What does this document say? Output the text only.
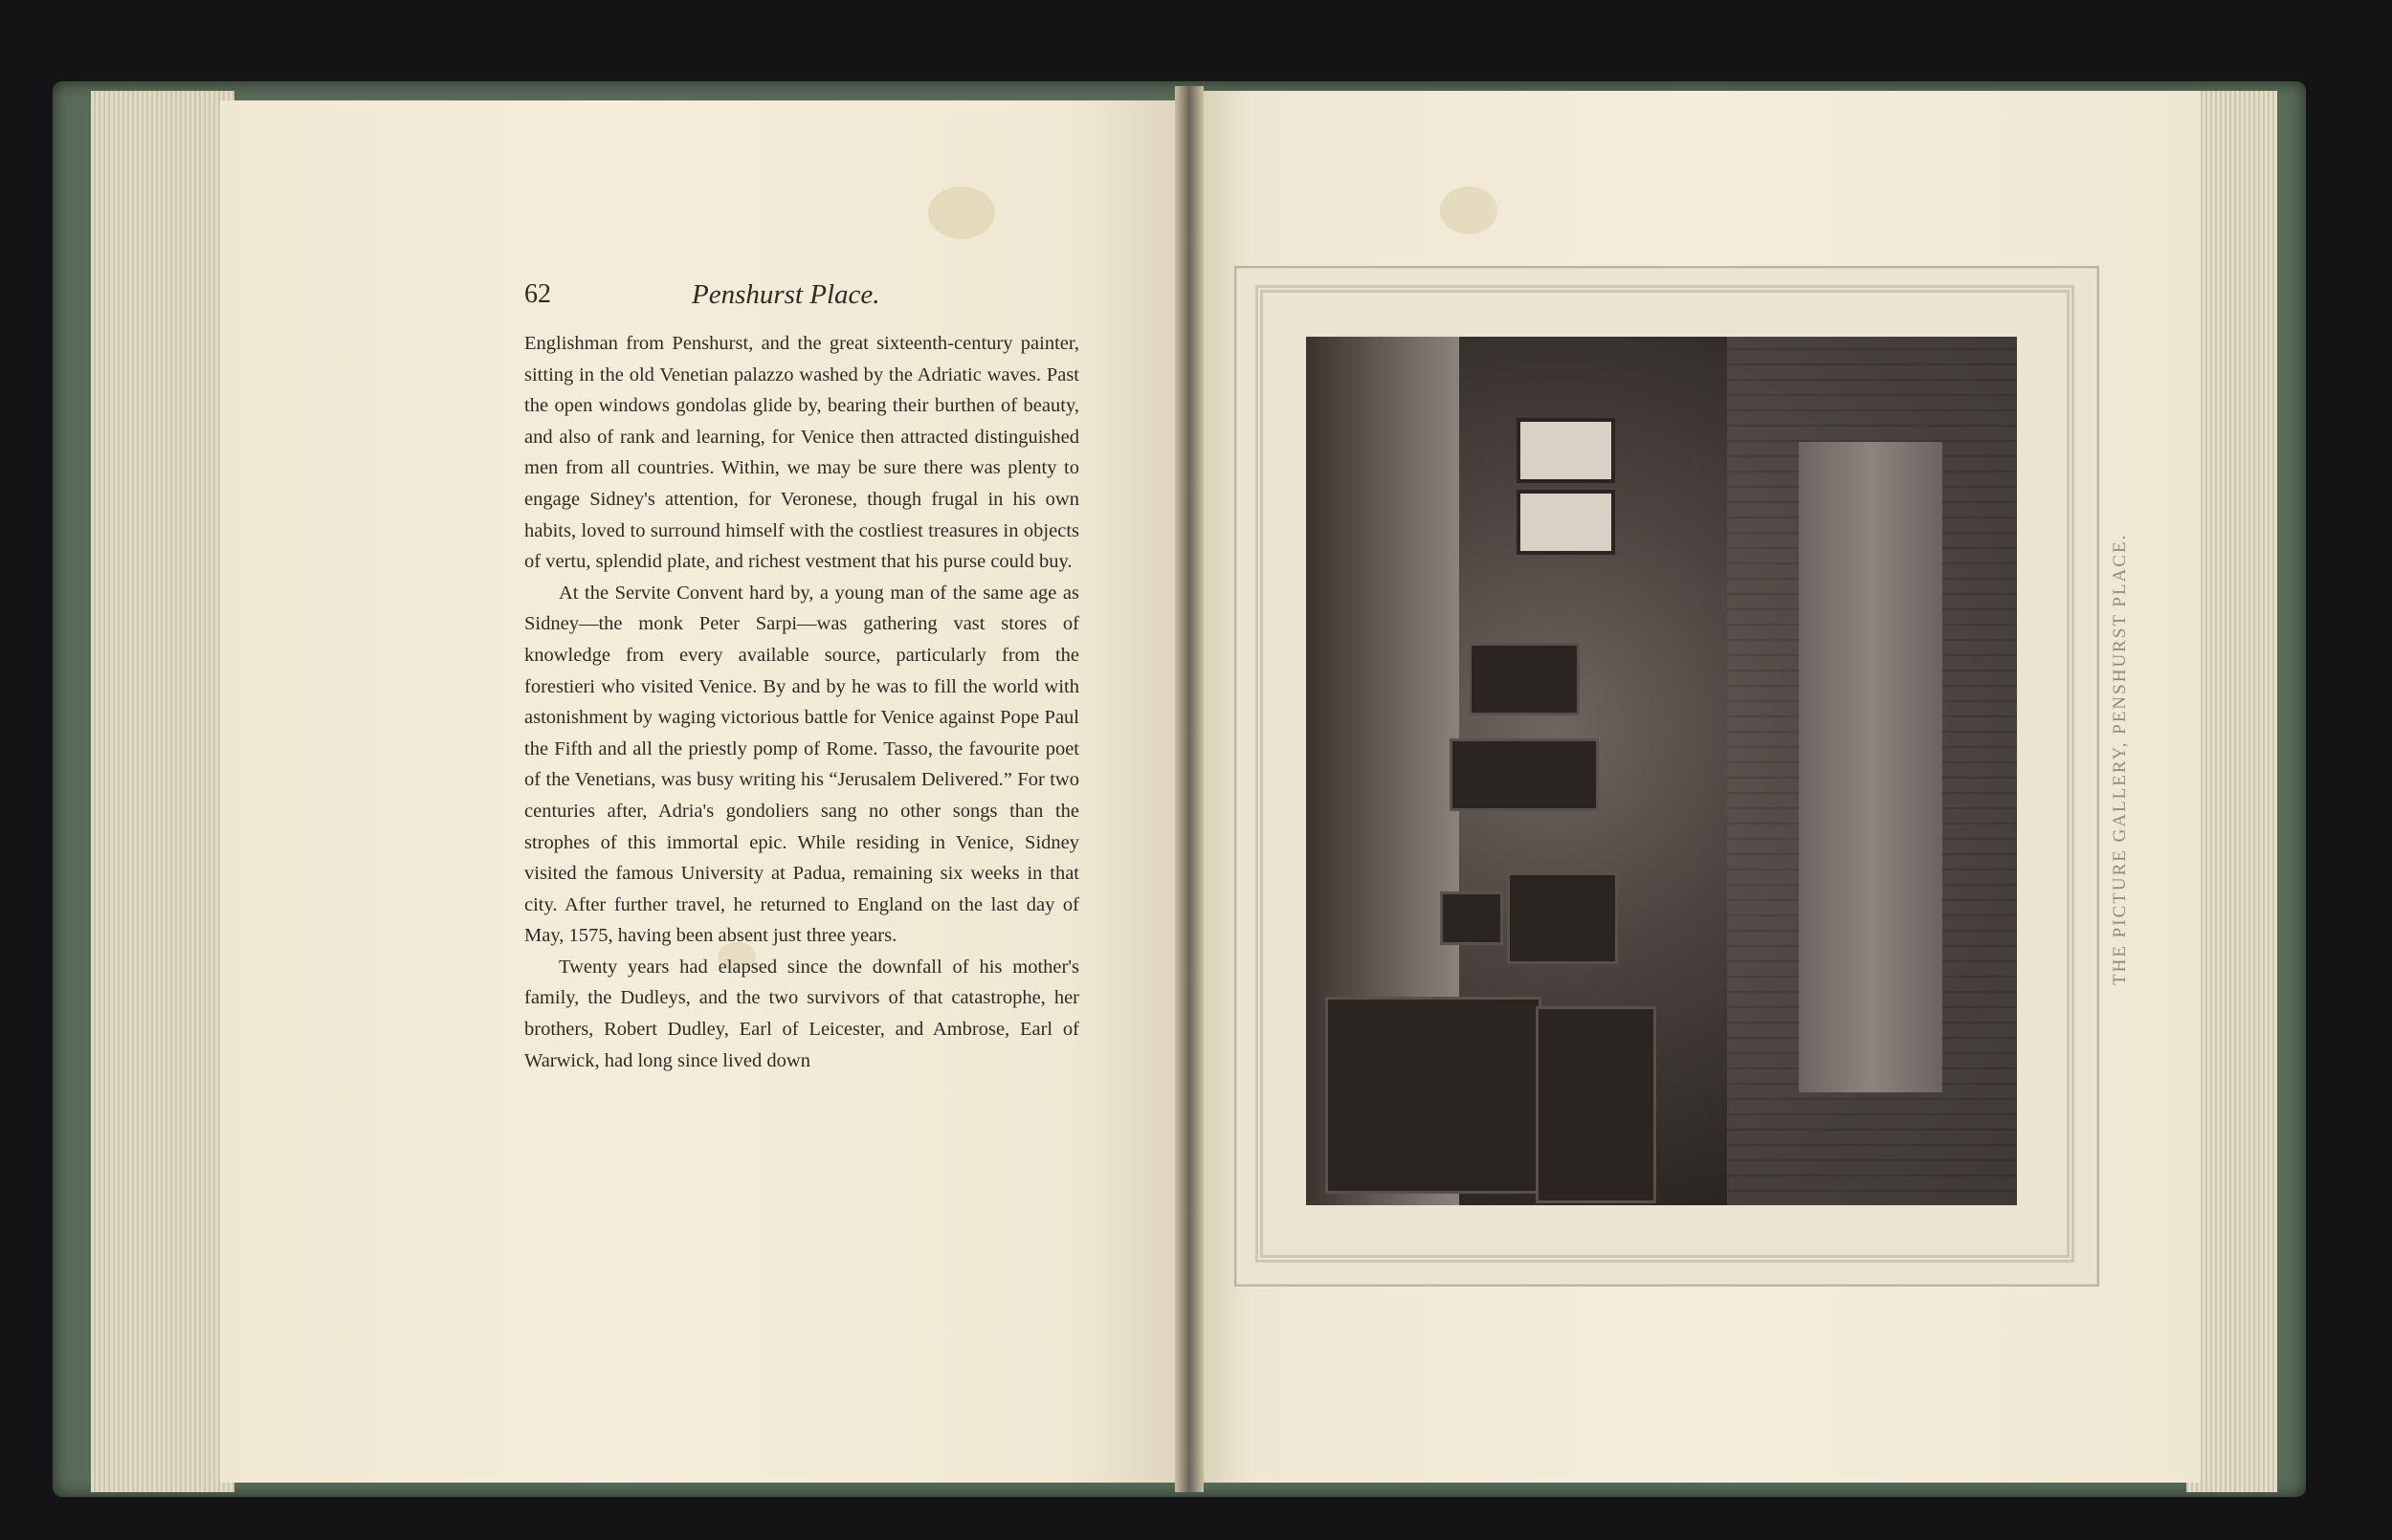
62	Penshurst Place.

Englishman from Penshurst, and the great sixteenth-century painter, sitting in the old Venetian palazzo washed by the Adriatic waves. Past the open windows gondolas glide by, bearing their burthen of beauty, and also of rank and learning, for Venice then attracted distinguished men from all countries. Within, we may be sure there was plenty to engage Sidney's attention, for Veronese, though frugal in his own habits, loved to surround himself with the costliest treasures in objects of vertu, splendid plate, and richest vestment that his purse could buy.

At the Servite Convent hard by, a young man of the same age as Sidney—the monk Peter Sarpi—was gathering vast stores of knowledge from every available source, particularly from the forestieri who visited Venice. By and by he was to fill the world with astonishment by waging victorious battle for Venice against Pope Paul the Fifth and all the priestly pomp of Rome. Tasso, the favourite poet of the Venetians, was busy writing his “Jerusalem Delivered.” For two centuries after, Adria's gondoliers sang no other songs than the strophes of this immortal epic. While residing in Venice, Sidney visited the famous University at Padua, remaining six weeks in that city. After further travel, he returned to England on the last day of May, 1575, having been absent just three years.

Twenty years had elapsed since the downfall of his mother's family, the Dudleys, and the two survivors of that catastrophe, her brothers, Robert Dudley, Earl of Leicester, and Ambrose, Earl of Warwick, had long since lived down

THE PICTURE GALLERY, PENSHURST PLACE.
